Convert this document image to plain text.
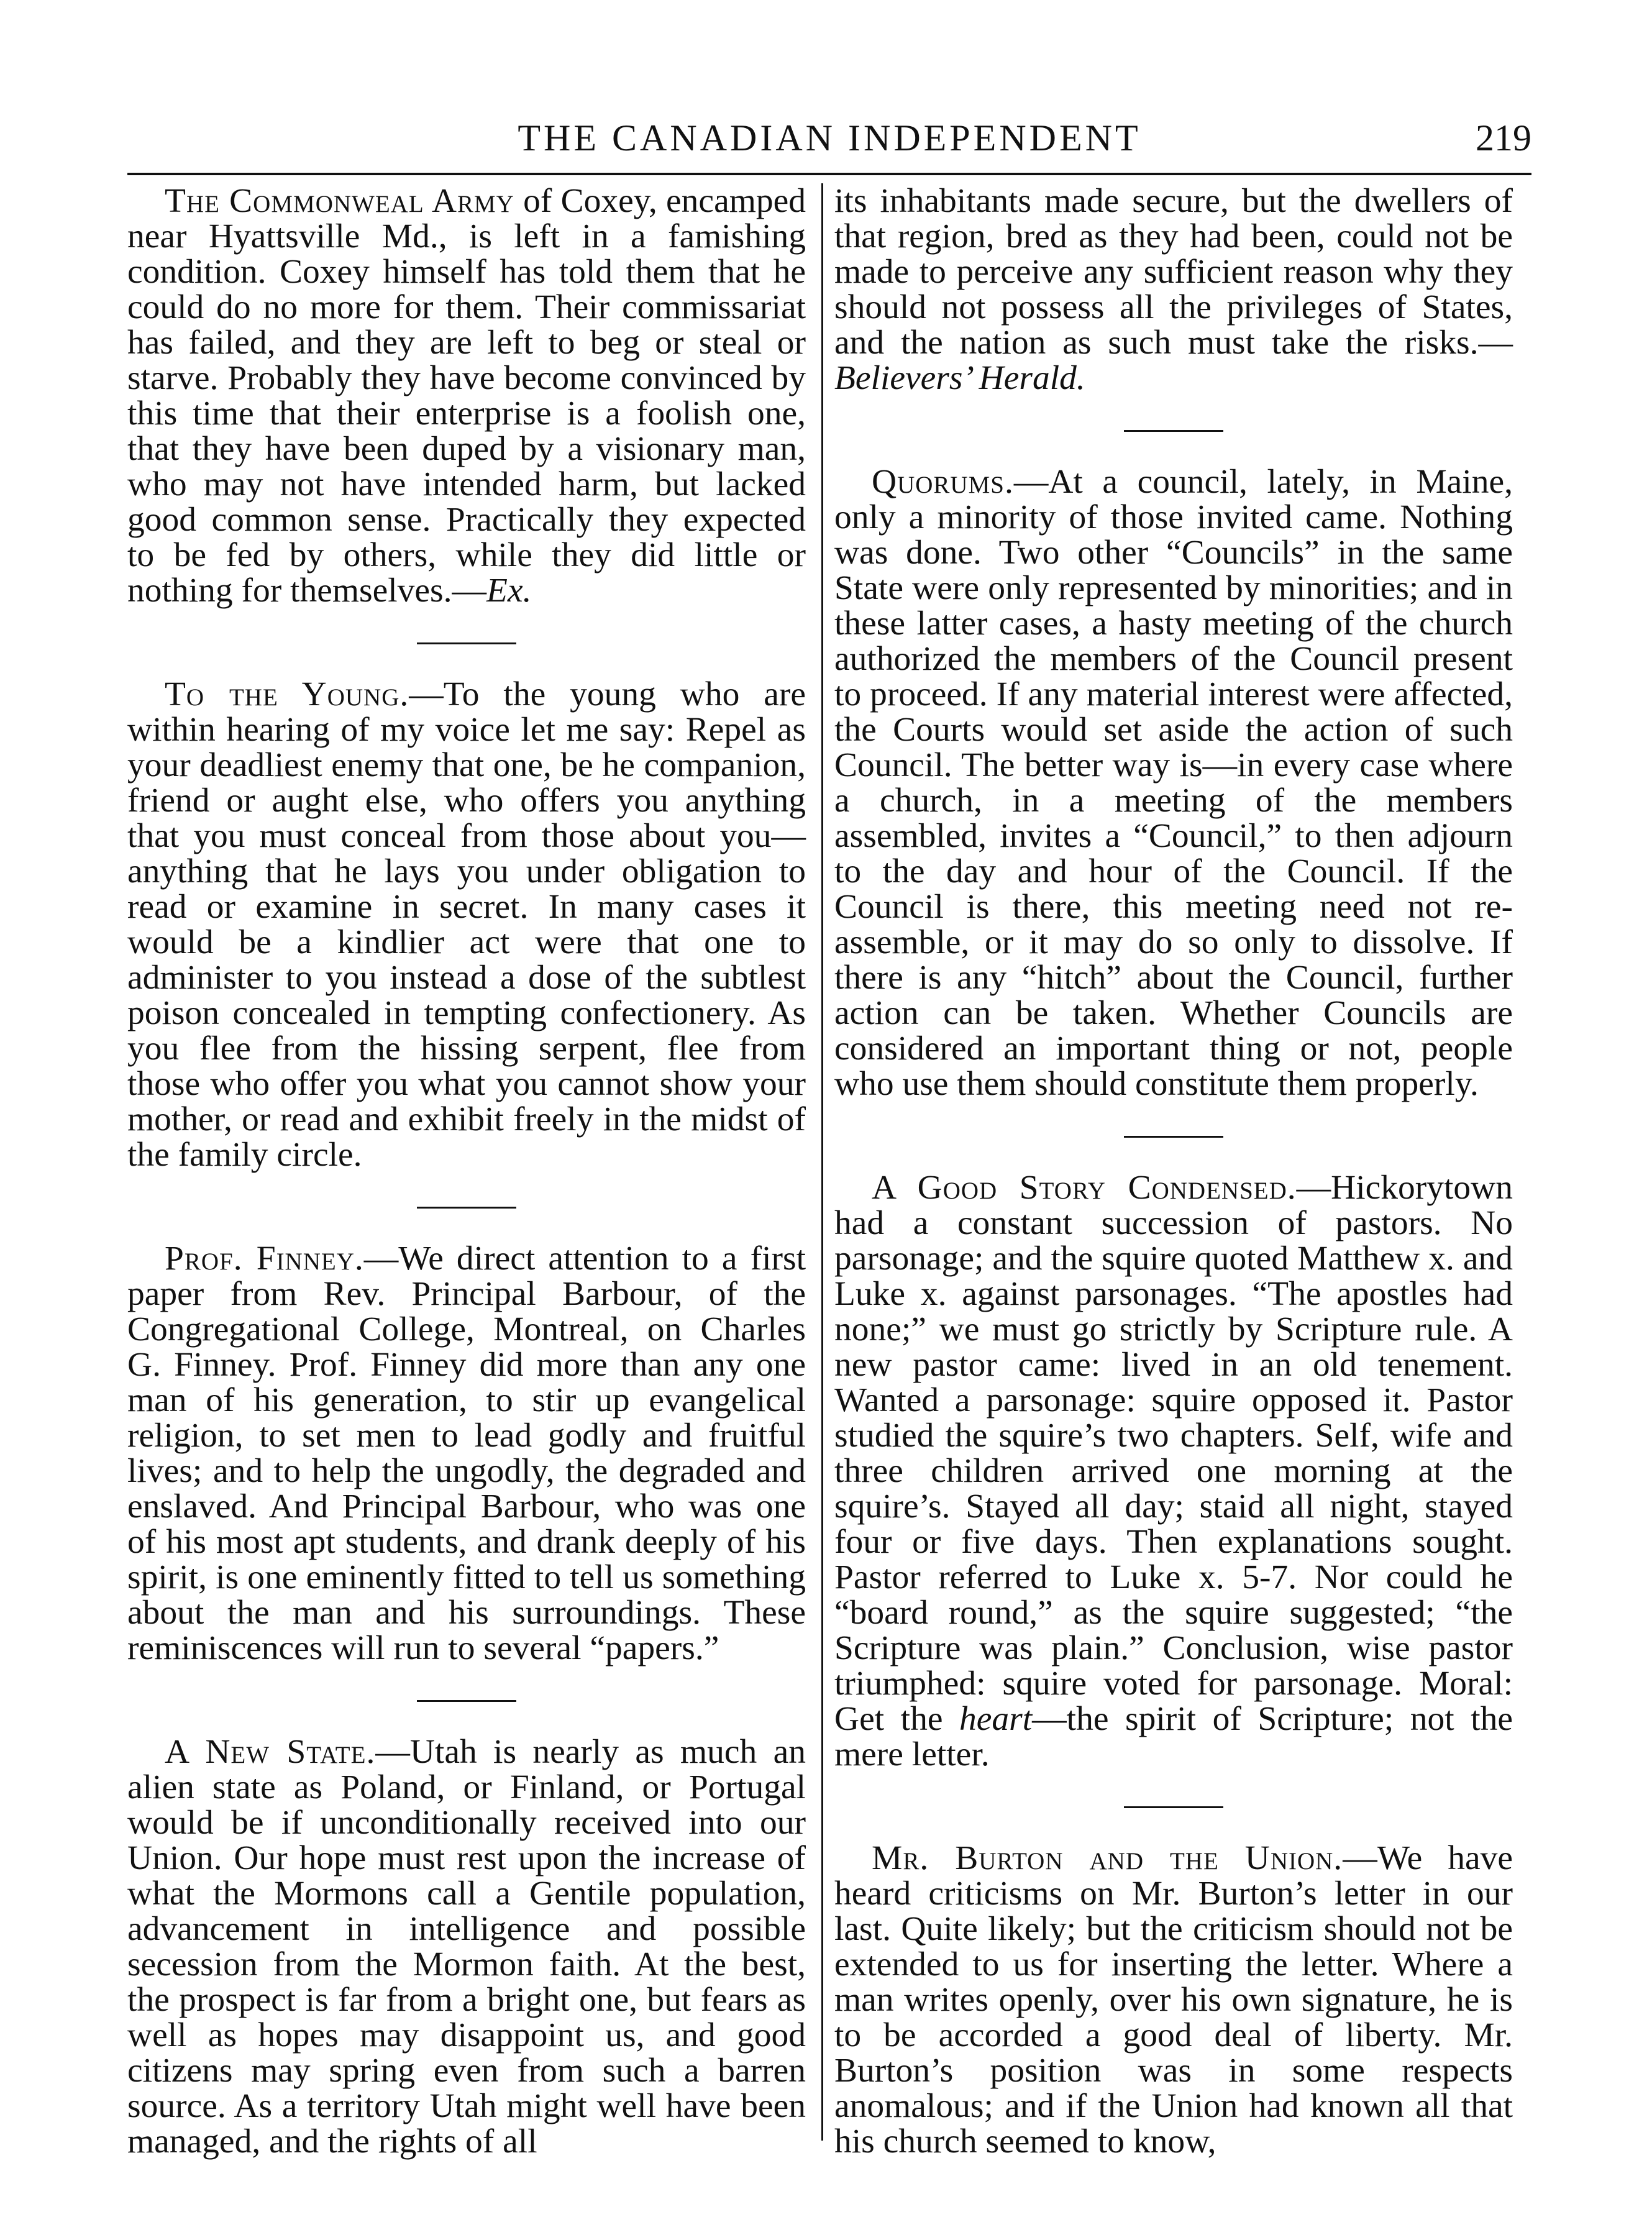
THE CANADIAN INDEPENDENT	219

The Commonweal Army of Coxey, encamped near Hyattsville Md., is left in a famishing condition. Coxey himself has told them that he could do no more for them. Their commissariat has failed, and they are left to beg or steal or starve. Probably they have become convinced by this time that their enterprise is a foolish one, that they have been duped by a visionary man, who may not have intended harm, but lacked good common sense. Practically they expected to be fed by others, while they did little or nothing for themselves.—Ex.

To the Young.—To the young who are within hearing of my voice let me say: Repel as your deadliest enemy that one, be he companion, friend or aught else, who offers you anything that you must conceal from those about you—anything that he lays you under obligation to read or examine in secret. In many cases it would be a kindlier act were that one to administer to you instead a dose of the subtlest poison concealed in tempting confectionery. As you flee from the hissing serpent, flee from those who offer you what you cannot show your mother, or read and exhibit freely in the midst of the family circle.

Prof. Finney.—We direct attention to a first paper from Rev. Principal Barbour, of the Congregational College, Montreal, on Charles G. Finney. Prof. Finney did more than any one man of his generation, to stir up evangelical religion, to set men to lead godly and fruitful lives; and to help the ungodly, the degraded and enslaved. And Principal Barbour, who was one of his most apt students, and drank deeply of his spirit, is one eminently fitted to tell us something about the man and his surroundings. These reminiscences will run to several “papers.”

A New State.—Utah is nearly as much an alien state as Poland, or Finland, or Portugal would be if unconditionally received into our Union. Our hope must rest upon the increase of what the Mormons call a Gentile population, advancement in intelligence and possible secession from the Mormon faith. At the best, the prospect is far from a bright one, but fears as well as hopes may disappoint us, and good citizens may spring even from such a barren source. As a territory Utah might well have been managed, and the rights of all

its inhabitants made secure, but the dwellers of that region, bred as they had been, could not be made to perceive any sufficient reason why they should not possess all the privileges of States, and the nation as such must take the risks.—Believers’ Herald.

Quorums.—At a council, lately, in Maine, only a minority of those invited came. Nothing was done. Two other “Councils” in the same State were only represented by minorities; and in these latter cases, a hasty meeting of the church authorized the members of the Council present to proceed. If any material interest were affected, the Courts would set aside the action of such Council. The better way is—in every case where a church, in a meeting of the members assembled, invites a “Council,” to then adjourn to the day and hour of the Council. If the Council is there, this meeting need not re-assemble, or it may do so only to dissolve. If there is any “hitch” about the Council, further action can be taken. Whether Councils are considered an important thing or not, people who use them should constitute them properly.

A Good Story Condensed.—Hickorytown had a constant succession of pastors. No parsonage; and the squire quoted Matthew x. and Luke x. against parsonages. “The apostles had none;” we must go strictly by Scripture rule. A new pastor came: lived in an old tenement. Wanted a parsonage: squire opposed it. Pastor studied the squire’s two chapters. Self, wife and three children arrived one morning at the squire’s. Stayed all day; staid all night, stayed four or five days. Then explanations sought. Pastor referred to Luke x. 5-7. Nor could he “board round,” as the squire suggested; “the Scripture was plain.” Conclusion, wise pastor triumphed: squire voted for parsonage. Moral: Get the heart—the spirit of Scripture; not the mere letter.

Mr. Burton and the Union.—We have heard criticisms on Mr. Burton’s letter in our last. Quite likely; but the criticism should not be extended to us for inserting the letter. Where a man writes openly, over his own signature, he is to be accorded a good deal of liberty. Mr. Burton’s position was in some respects anomalous; and if the Union had known all that his church seemed to know,
